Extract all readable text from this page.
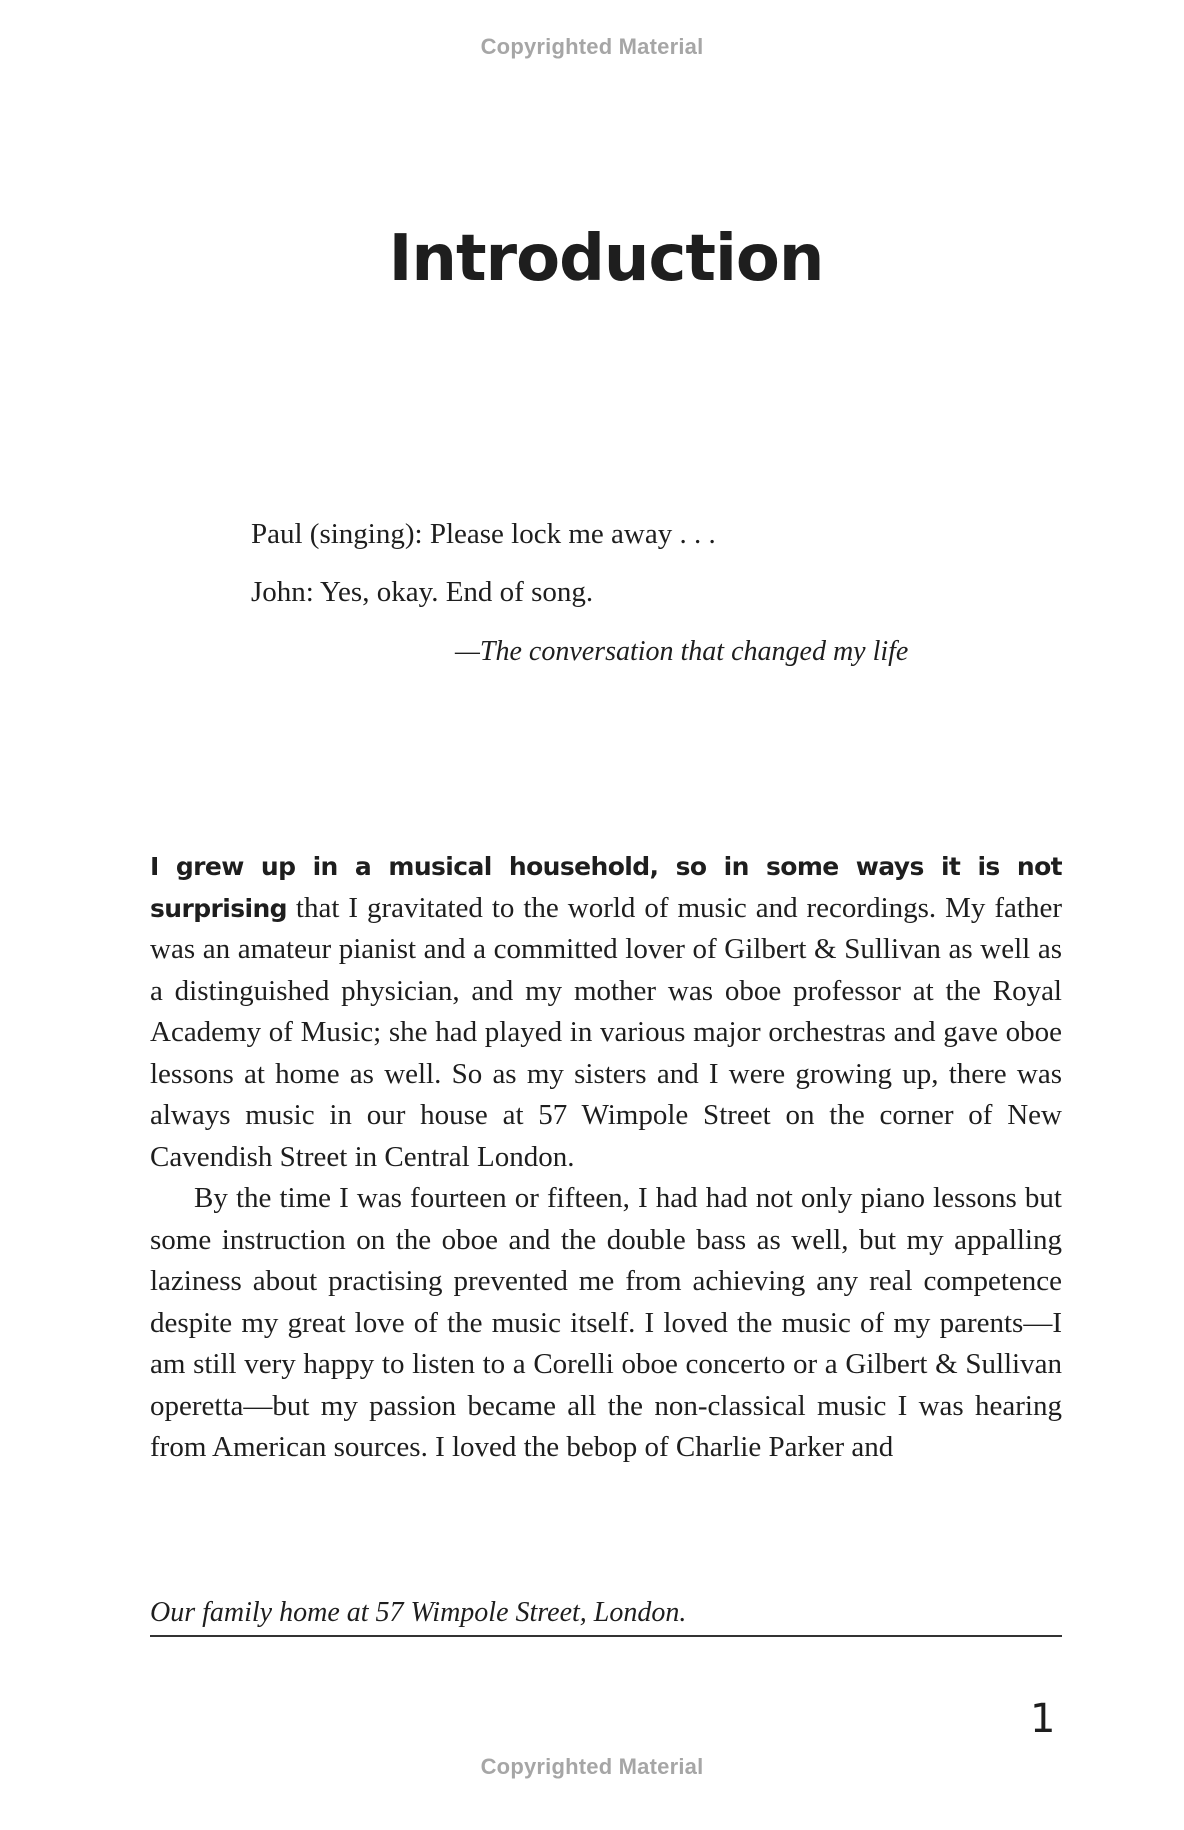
Copyrighted Material
Introduction

Paul (singing): Please lock me away . . .

John: Yes, okay. End of song.

—The conversation that changed my life

I grew up in a musical household, so in some ways it is not surprising that I gravitated to the world of music and recordings. My father was an amateur pianist and a committed lover of Gilbert & Sullivan as well as a distinguished physician, and my mother was oboe professor at the Royal Academy of Music; she had played in various major orchestras and gave oboe lessons at home as well. So as my sisters and I were growing up, there was always music in our house at 57 Wimpole Street on the corner of New Cavendish Street in Central London.

By the time I was fourteen or fifteen, I had had not only piano lessons but some instruction on the oboe and the double bass as well, but my appalling laziness about practising prevented me from achieving any real competence despite my great love of the music itself. I loved the music of my parents—I am still very happy to listen to a Corelli oboe concerto or a Gilbert & Sullivan operetta—but my passion became all the non-classical music I was hearing from American sources. I loved the bebop of Charlie Parker and

Our family home at 57 Wimpole Street, London.
1
Copyrighted Material
